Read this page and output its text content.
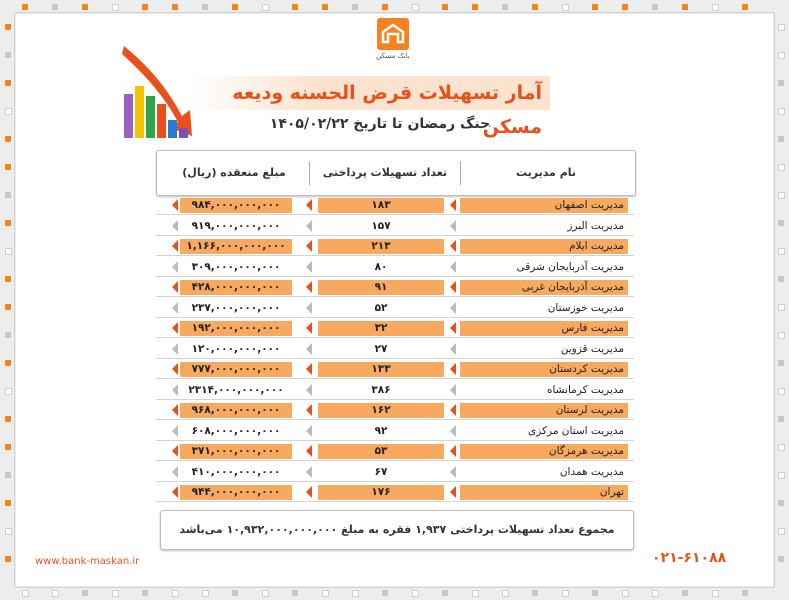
بانک مسکن
آمار تسهیلات قرض الحسنه ودیعه مسکن
جنگ رمضان تا تاریخ ۱۴۰۵/۰۲/۲۲
نام مدیریت
تعداد تسهیلات پرداختی
مبلغ منعقده (ریال)
مدیریت اصفهان
۱۸۳
۹۸۴,۰۰۰,۰۰۰,۰۰۰
مدیریت البرز
۱۵۷
۹۱۹,۰۰۰,۰۰۰,۰۰۰
مدیریت ایلام
۲۱۳
۱,۱۶۶,۰۰۰,۰۰۰,۰۰۰
مدیریت آذربایجان شرقی
۸۰
۳۰۹,۰۰۰,۰۰۰,۰۰۰
مدیریت آذربایجان غربی
۹۱
۴۲۸,۰۰۰,۰۰۰,۰۰۰
مدیریت خوزستان
۵۲
۲۳۷,۰۰۰,۰۰۰,۰۰۰
مدیریت فارس
۳۲
۱۹۲,۰۰۰,۰۰۰,۰۰۰
مدیریت قزوین
۲۷
۱۲۰,۰۰۰,۰۰۰,۰۰۰
مدیریت کردستان
۱۳۳
۷۷۷,۰۰۰,۰۰۰,۰۰۰
مدیریت کرمانشاه
۳۸۶
۲۳۱۴,۰۰۰,۰۰۰,۰۰۰
مدیریت لرستان
۱۶۲
۹۶۸,۰۰۰,۰۰۰,۰۰۰
مدیریت استان مرکزی
۹۲
۶۰۸,۰۰۰,۰۰۰,۰۰۰
مدیریت هرمزگان
۵۳
۳۷۱,۰۰۰,۰۰۰,۰۰۰
مدیریت همدان
۶۷
۴۱۰,۰۰۰,۰۰۰,۰۰۰
تهران
۱۷۶
۹۴۴,۰۰۰,۰۰۰,۰۰۰
مجموع تعداد تسهیلات پرداختی ۱,۹۳۷ فقره به مبلغ ۱۰,۹۳۲,۰۰۰,۰۰۰,۰۰۰ می‌باشد
www.bank-maskan.ir	۰۲۱-۶۱۰۸۸
